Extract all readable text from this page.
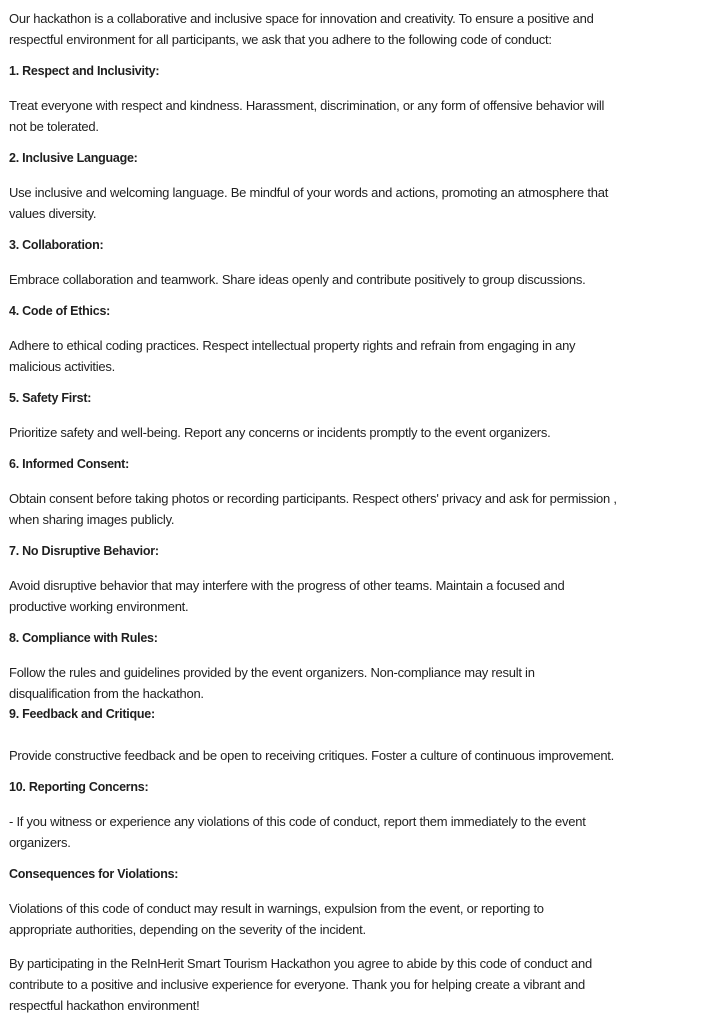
Our hackathon is a collaborative and inclusive space for innovation and creativity. To ensure a positive and
respectful environment for all participants, we ask that you adhere to the following code of conduct:
1. Respect and Inclusivity:
Treat everyone with respect and kindness. Harassment, discrimination, or any form of offensive behavior will
not be tolerated.
2. Inclusive Language:
Use inclusive and welcoming language. Be mindful of your words and actions, promoting an atmosphere that
values diversity.
3. Collaboration:
Embrace collaboration and teamwork. Share ideas openly and contribute positively to group discussions.
4. Code of Ethics:
Adhere to ethical coding practices. Respect intellectual property rights and refrain from engaging in any
malicious activities.
5. Safety First:
Prioritize safety and well-being. Report any concerns or incidents promptly to the event organizers.
6. Informed Consent:
Obtain consent before taking photos or recording participants. Respect others' privacy and ask for permission ,
when sharing images publicly.
7. No Disruptive Behavior:
Avoid disruptive behavior that may interfere with the progress of other teams. Maintain a focused and
productive working environment.
8. Compliance with Rules:
Follow the rules and guidelines provided by the event organizers. Non-compliance may result in
disqualification from the hackathon.
9. Feedback and Critique:
Provide constructive feedback and be open to receiving critiques. Foster a culture of continuous improvement.
10. Reporting Concerns:
- If you witness or experience any violations of this code of conduct, report them immediately to the event
organizers.
Consequences for Violations:
Violations of this code of conduct may result in warnings, expulsion from the event, or reporting to
appropriate authorities, depending on the severity of the incident.
By participating in the ReInHerit Smart Tourism Hackathon you agree to abide by this code of conduct and
contribute to a positive and inclusive experience for everyone. Thank you for helping create a vibrant and
respectful hackathon environment!
